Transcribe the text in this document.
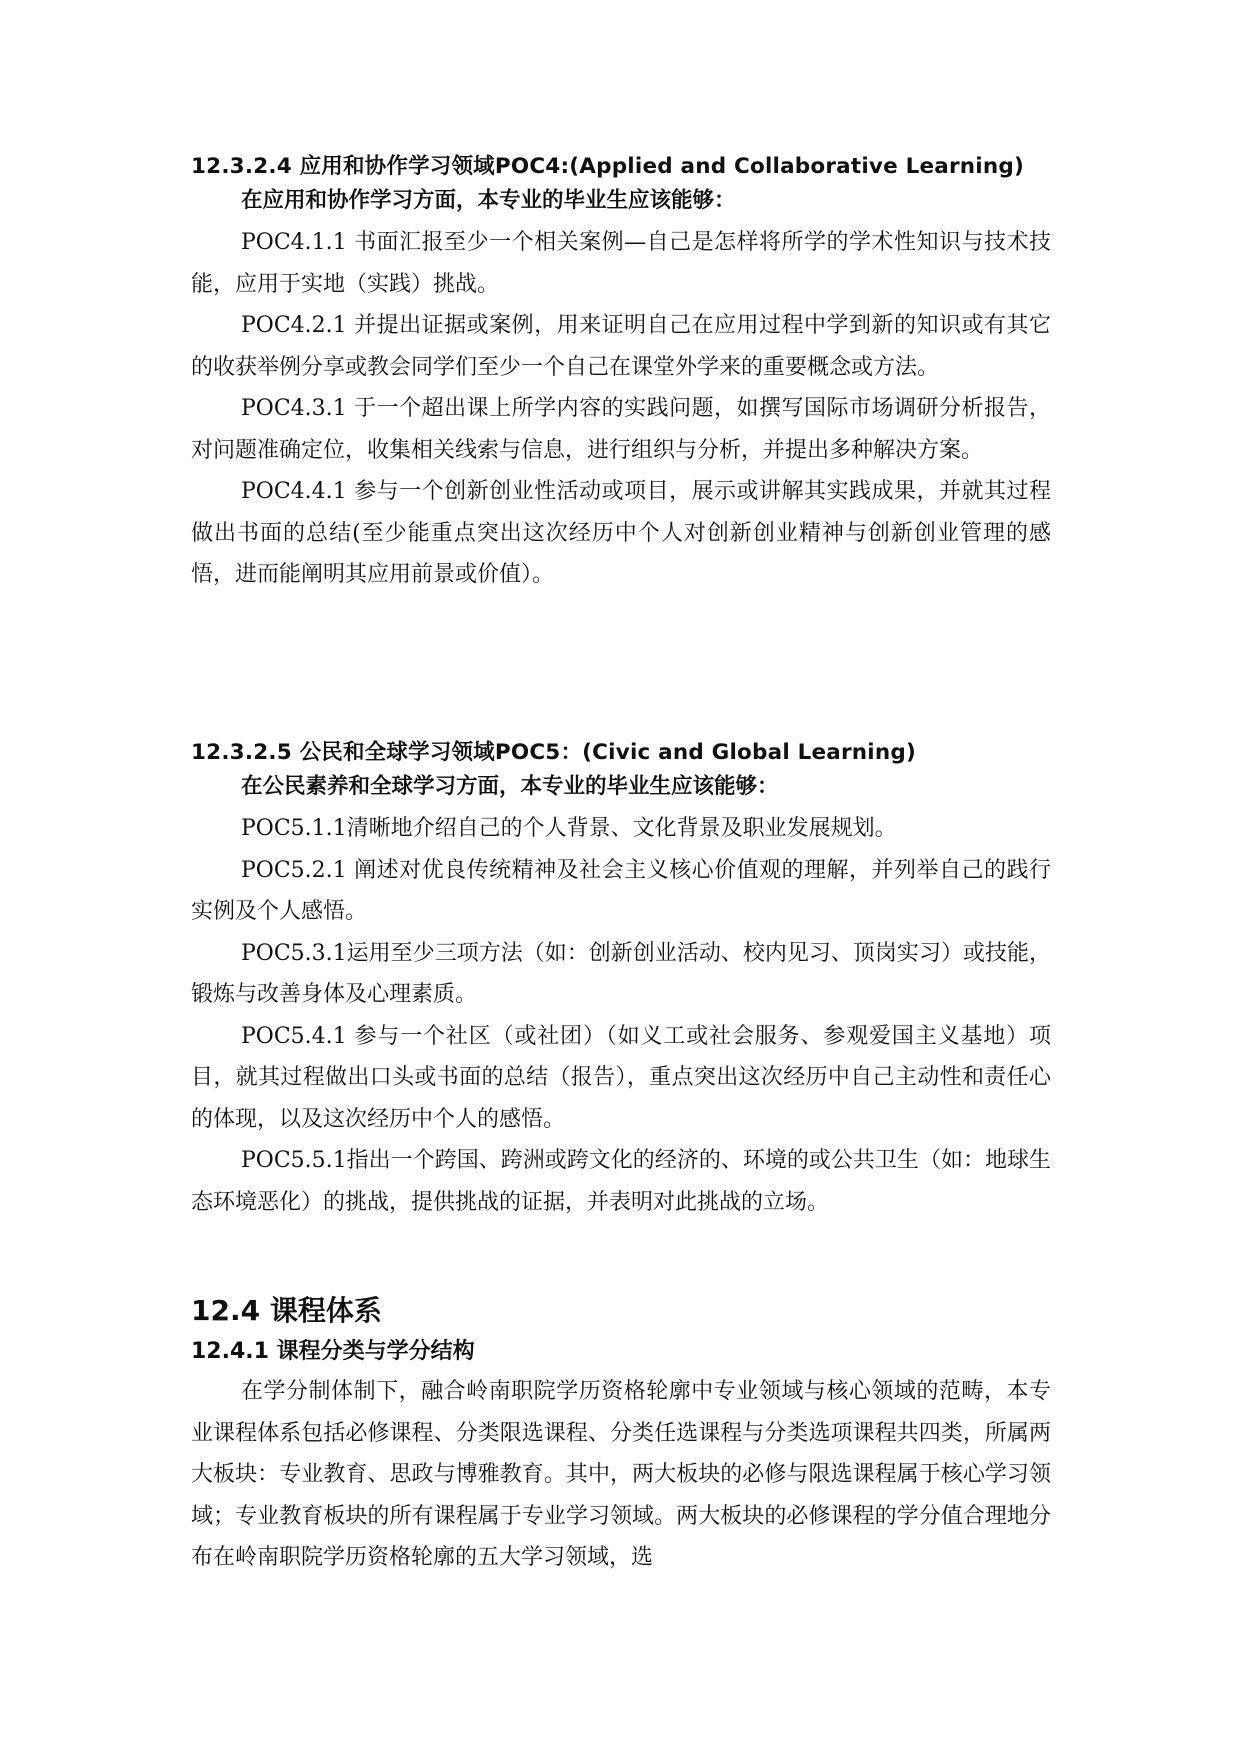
12.3.2.4 应用和协作学习领域POC4:(Applied and Collaborative Learning)
在应用和协作学习方面，本专业的毕业生应该能够：

POC4.1.1 书面汇报至少一个相关案例—自己是怎样将所学的学术性知识与技术技能，应用于实地（实践）挑战。

POC4.2.1 并提出证据或案例，用来证明自己在应用过程中学到新的知识或有其它的收获举例分享或教会同学们至少一个自己在课堂外学来的重要概念或方法。

POC4.3.1 于一个超出课上所学内容的实践问题，如撰写国际市场调研分析报告，对问题准确定位，收集相关线索与信息，进行组织与分析，并提出多种解决方案。

POC4.4.1 参与一个创新创业性活动或项目，展示或讲解其实践成果，并就其过程做出书面的总结(至少能重点突出这次经历中个人对创新创业精神与创新创业管理的感悟，进而能阐明其应用前景或价值）。

12.3.2.5 公民和全球学习领域POC5：(Civic and Global Learning)
在公民素养和全球学习方面，本专业的毕业生应该能够：

POC5.1.1清晰地介绍自己的个人背景、文化背景及职业发展规划。

POC5.2.1 阐述对优良传统精神及社会主义核心价值观的理解，并列举自己的践行实例及个人感悟。

POC5.3.1运用至少三项方法（如：创新创业活动、校内见习、顶岗实习）或技能，锻炼与改善身体及心理素质。

POC5.4.1 参与一个社区（或社团）（如义工或社会服务、参观爱国主义基地）项目，就其过程做出口头或书面的总结（报告），重点突出这次经历中自己主动性和责任心的体现，以及这次经历中个人的感悟。

POC5.5.1指出一个跨国、跨洲或跨文化的经济的、环境的或公共卫生（如：地球生态环境恶化）的挑战，提供挑战的证据，并表明对此挑战的立场。

12.4 课程体系
12.4.1 课程分类与学分结构

在学分制体制下，融合岭南职院学历资格轮廓中专业领域与核心领域的范畴，本专业课程体系包括必修课程、分类限选课程、分类任选课程与分类选项课程共四类，所属两大板块：专业教育、思政与博雅教育。其中，两大板块的必修与限选课程属于核心学习领域；专业教育板块的所有课程属于专业学习领域。两大板块的必修课程的学分值合理地分布在岭南职院学历资格轮廓的五大学习领域，选
